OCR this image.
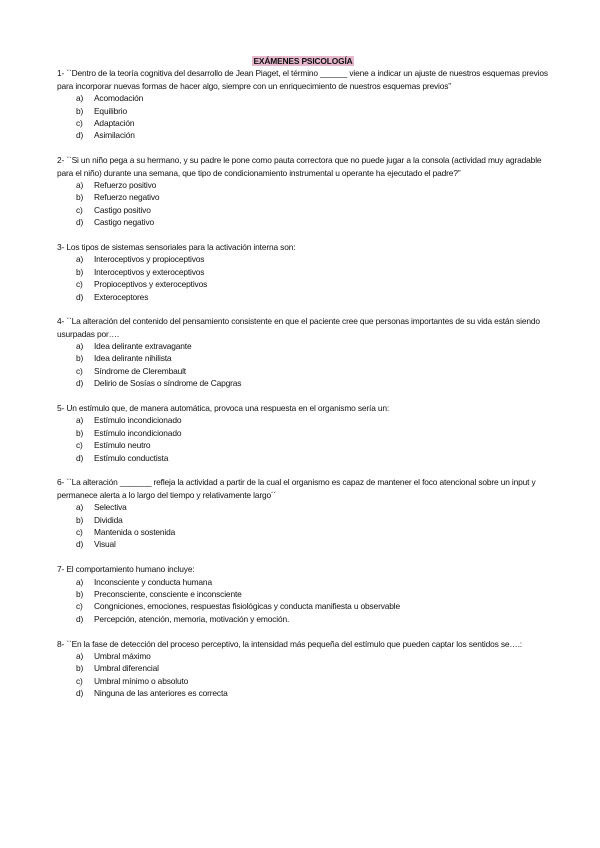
EXÁMENES PSICOLOGÍA

1- ``Dentro de la teoría cognitiva del desarrollo de Jean Piaget, el término ______ viene a indicar un ajuste de nuestros esquemas previos para incorporar nuevas formas de hacer algo, siempre con un enriquecimiento de nuestros esquemas previos”

a)	Acomodación
b)	Equilibrio
c)	Adaptación
d)	Asimilación

2- ``Si un niño pega a su hermano, y su padre le pone como pauta correctora que no puede jugar a la consola (actividad muy agradable para el niño) durante una semana, que tipo de condicionamiento instrumental u operante ha ejecutado el padre?”

a)	Refuerzo positivo
b)	Refuerzo negativo
c)	Castigo positivo
d)	Castigo negativo

3- Los tipos de sistemas sensoriales para la activación interna son:

a)	Interoceptivos y propioceptivos
b)	Interoceptivos y exteroceptivos
c)	Propioceptivos y exteroceptivos
d)	Exteroceptores

4- ``La alteración del contenido del pensamiento consistente en que el paciente cree que personas importantes de su vida están siendo usurpadas por….

a)	Idea delirante extravagante
b)	Idea delirante nihilista
c)	Síndrome de Clerembault
d)	Delirio de Sosías o síndrome de Capgras

5- Un estímulo que, de manera automática, provoca una respuesta en el organismo sería un:

a)	Estímulo incondicionado
b)	Estímulo incondicionado
c)	Estímulo neutro
d)	Estímulo conductista

6- ``La alteración _______ refleja la actividad a partir de la cual el organismo es capaz de mantener el foco atencional sobre un input y permanece alerta a lo largo del tiempo y relativamente largo´´

a)	Selectiva
b)	Dividida
c)	Mantenida o sostenida
d)	Visual

7- El comportamiento humano incluye:

a)	Inconsciente y conducta humana
b)	Preconsciente, consciente e inconsciente
c)	Congniciones, emociones, respuestas fisiológicas y conducta manifiesta u observable
d)	Percepción, atención, memoria, motivación y emoción.

8- ``En la fase de detección del proceso perceptivo, la intensidad más pequeña del estímulo que pueden captar los sentidos se….:

a)	Umbral máximo
b)	Umbral diferencial
c)	Umbral mínimo o absoluto
d)	Ninguna de las anteriores es correcta
